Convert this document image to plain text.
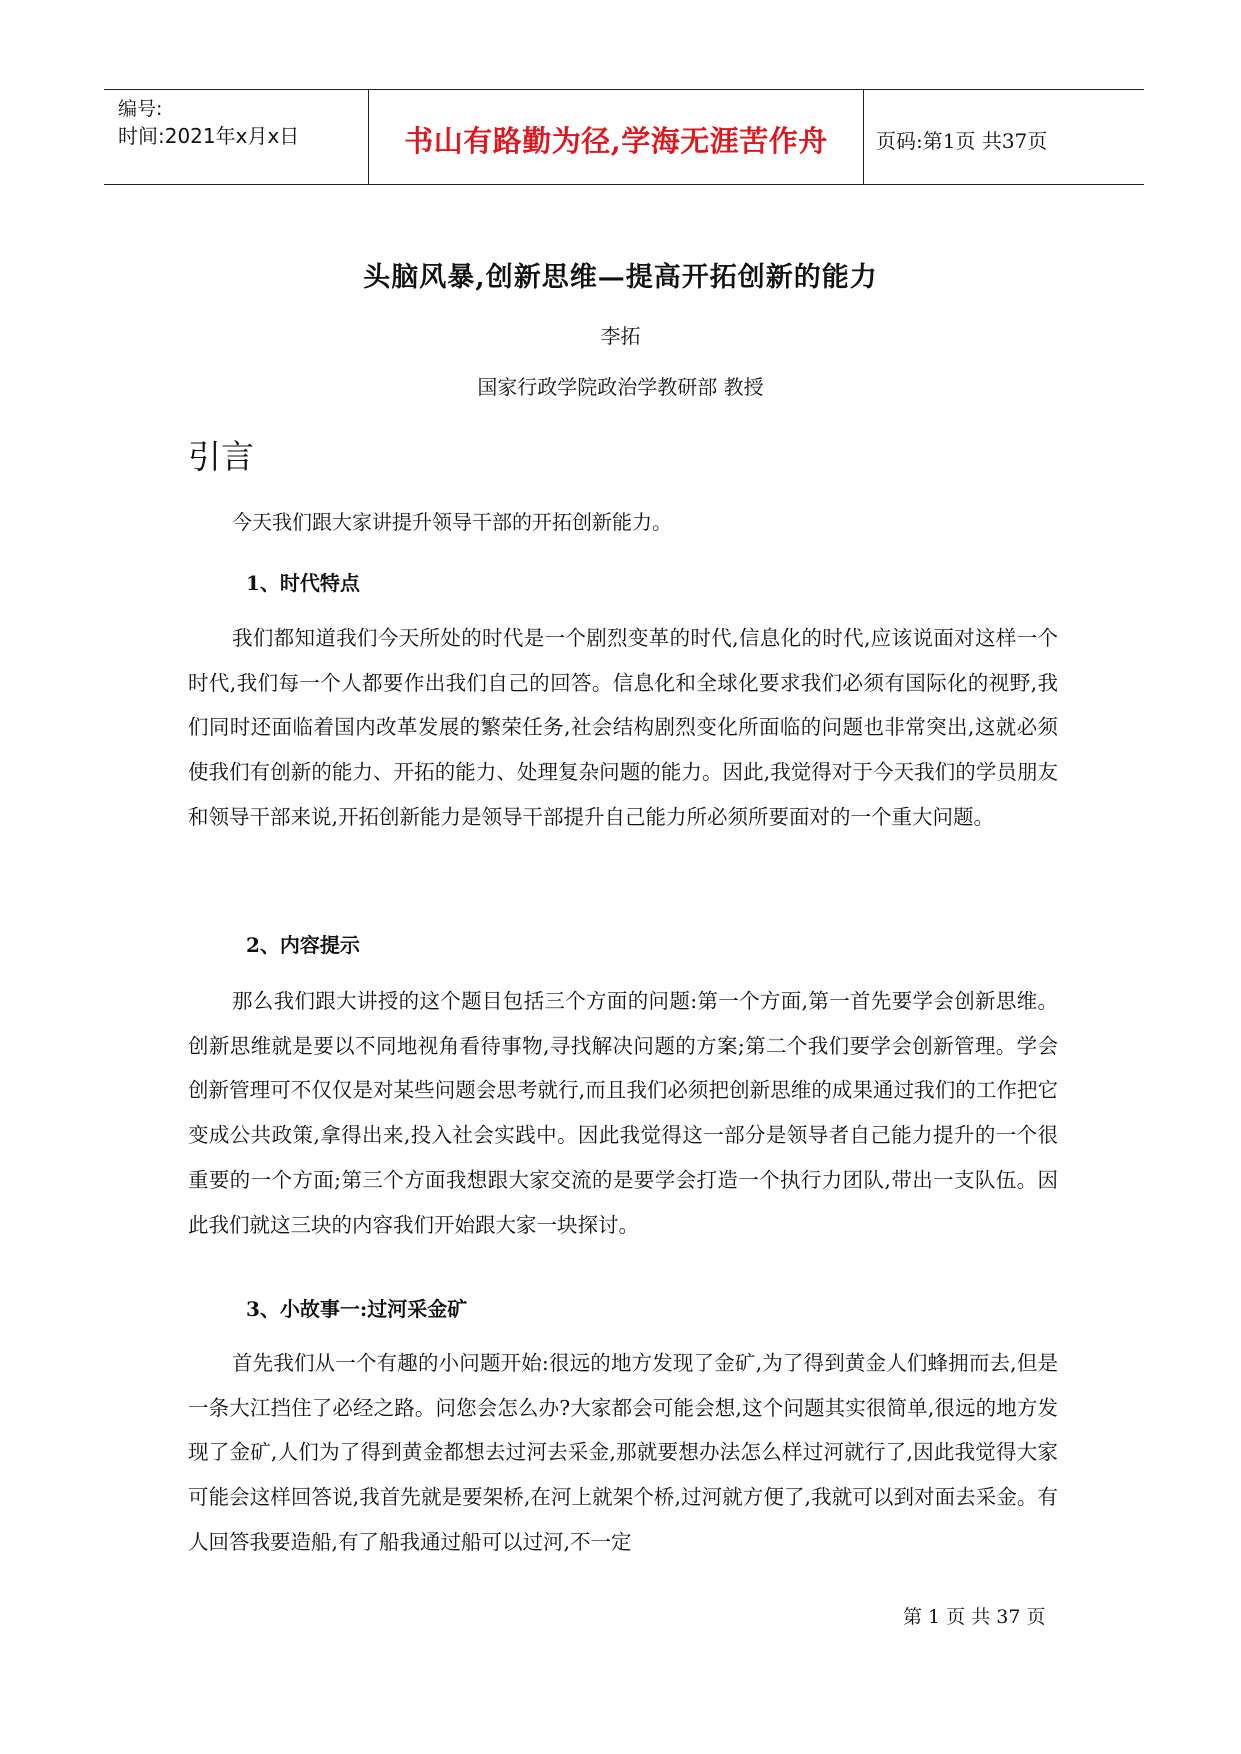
编号:
时间:2021年x月x日	书山有路勤为径,学海无涯苦作舟	页码:第1页 共37页
头脑风暴,创新思维—提高开拓创新的能力
李拓
国家行政学院政治学教研部 教授
引言
今天我们跟大家讲提升领导干部的开拓创新能力。
1、时代特点
我们都知道我们今天所处的时代是一个剧烈变革的时代,信息化的时代,应该说面对这样一个时代,我们每一个人都要作出我们自己的回答。信息化和全球化要求我们必须有国际化的视野,我们同时还面临着国内改革发展的繁荣任务,社会结构剧烈变化所面临的问题也非常突出,这就必须使我们有创新的能力、开拓的能力、处理复杂问题的能力。因此,我觉得对于今天我们的学员朋友和领导干部来说,开拓创新能力是领导干部提升自己能力所必须所要面对的一个重大问题。
2、内容提示
那么我们跟大讲授的这个题目包括三个方面的问题:第一个方面,第一首先要学会创新思维。创新思维就是要以不同地视角看待事物,寻找解决问题的方案;第二个我们要学会创新管理。学会创新管理可不仅仅是对某些问题会思考就行,而且我们必须把创新思维的成果通过我们的工作把它变成公共政策,拿得出来,投入社会实践中。因此我觉得这一部分是领导者自己能力提升的一个很重要的一个方面;第三个方面我想跟大家交流的是要学会打造一个执行力团队,带出一支队伍。因此我们就这三块的内容我们开始跟大家一块探讨。
3、小故事一:过河采金矿
首先我们从一个有趣的小问题开始:很远的地方发现了金矿,为了得到黄金人们蜂拥而去,但是一条大江挡住了必经之路。问您会怎么办?大家都会可能会想,这个问题其实很简单,很远的地方发现了金矿,人们为了得到黄金都想去过河去采金,那就要想办法怎么样过河就行了,因此我觉得大家可能会这样回答说,我首先就是要架桥,在河上就架个桥,过河就方便了,我就可以到对面去采金。有人回答我要造船,有了船我通过船可以过河,不一定
第 1 页 共 37 页
